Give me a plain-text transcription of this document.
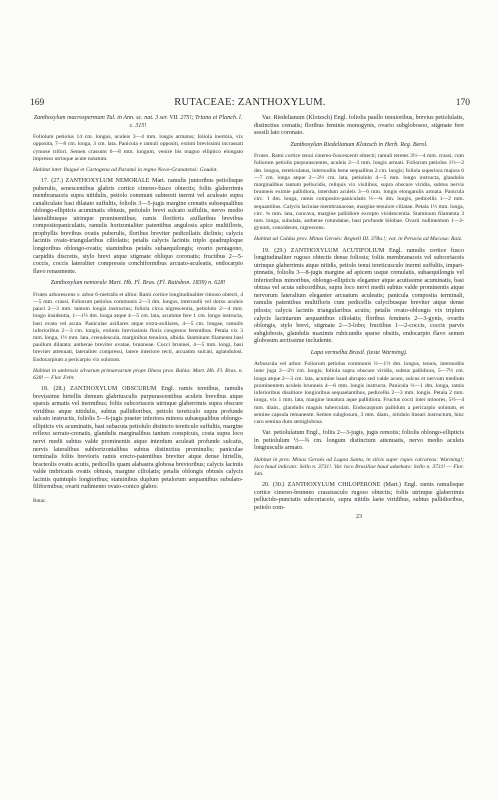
169	RUTACEAE: ZANTHOXYLUM.	170

Zanthoxylum macrospermum Tul. in Ann. sc. nat. 3 ser. VII. 275!; Triana et Planch. l. c. 315!

Foliolum petiolus 14 cm. longus, aculeis 3—4 mm. longis armatus; foliola inermia, vix opposita, 7—8 cm. longa, 3 cm. lata. Panicula e ramuli oppositi, extimi brevissimi incrassati cymose trifori. Semen crassum 6—8 mm. longum, venire bis magno elliptico elongato impresso utrinque acute notatum.

Habitat inter Ibagué et Cartagena ad Paramó in regno Novo-Granatensi: Goudot.

17. (27.) ZANTHOXYLUM NEMORALE Mart. ramulis junioribus petiolisque puberulis, senescentibus glabris cortice cinereo-fusco obtectis; foliis glaberrimis membranaceis supra nitidulis, petiolo communi subtereti inermi vel aculeato supra canaliculato basi dilatato suffultis, foliolis 3—5-jugis margine crenatis subsequalibus oblongo-ellipticis acuminatis obtusis, petiolulo brevi sulcato suffultis, nervo medio lateralibusque utrinque prominentibus; ramis floriferis axillaribus brevibus compositopaniculatis, ramulis horizontaliter patentibus angulosis apice multifloris, prophyllis brevibus ovatis puberulis, floribus breviter pedicellatis diclinis; calycis laciniis ovato-triangularibus ciliolatis; petalis calycis laciniis triplo quadruploque longioribus oblongo-ovatis; staminibus petalis subaequilongis; ovario pentagono, carpidiis discretis, stylo brevi atque stigmate obliquo coronatis; fructibus 2—5-coccis, coccis lateraliter compressis conchiformibus arcuato-aculeatis, endocarpio flavo renasmente.

Zanthoxylum nemorale Mart. Hb. Fl. Bras. (Fl. Ratisbon. 1839) n. 628!

Frutex arborescens v. arbor 6-metralis et altior. Rami cortice longitudinaliter rimoso obtecti, 4—5 mm. crassi. Foliorum petiolus communis 2—3 dm. longus, internodii vel dorso aculeis pauci 2—3 mm. tantum longis instructus; foliola circa nigrescentia, petiolulo 2—4 mm. longo insidentia, 1—1½ dm. longa atque 4—5 cm. lata, acumine fere 1 cm. longo instructa, basi ovata vel acuta. Paniculae axillares atque extra-axillares, 4—5 cm. longae, ramulis inferioribus 2—3 cm. longis, extimis brevissimis floris congestos ferentibus. Petala vix 3 mm. longa, 1½ mm. lata, crenulescula, marginibus tenuiora, albida. Staminum filamenta basi paullum dilatata; antherae breviter ovatae, brunneae. Cocci brunnei, 4—5 mm. longi, basi breviter attenuati, lateraliter compressi, latere interiore recti, arcuatim sulcati, aglandulosi. Endocarpium a pericarpio vix solutum.

Habitat in umbrosis silvarum primaevarum prope Ilheos prov. Bahia: Mart. Hb. Fl. Bras. n. 628! — Flor. Febr.

18. (28.) ZANTHOXYLUM OBSCURUM Engl. ramis teretibus, ramulis brevissime hirtellis demum glabriusculis purpurascentibus aculeis brevibus atque sparsis armatis vel inermibus; foliis subcoriaceis utrinque glaberrimis supra obscure viridibus atque nitidulis, subtus pallidioribus, petiolo tereticulo supra profunde sulcato instructis, foliolis 5—6-jugis praeter inferiora minora subaequalibus oblongo-ellipticis vix acuminatis, basi subacuta petiolulo distincto tereticulo suffultis, margine reflexo serrato-crenatis, glandulis marginalibus tantum conspicuis, costa supra loco nervi medii subtus valde prominentis atque interdum aculeati profunde sulcatis, nervis lateralibus subhorizontalibus subtus distinctius prominulis; paniculae terminalis foliis brevioris ramis erecto-patentibus breviter atque dense hirtellis, bracteolis ovatis acutis, pedicellis quam alabastra globosa brevioribus; calycis laciniis valde imbricatis ovatis obtusis, margine ciliolatis; petalis oblongis obtusis calycis laciniis quintuplo longioribus; staminibus duplum petalorum aequantibus subulato-filiformibus; ovarii rudimento ovato-conico glabro.

Rutac.

Var. Riedelianum (Klotzsch) Engl. foliolis paullo tenuioribus, brevius petiolulatis, distinctius crenatis; floribus feminis monogynis, ovario subglobosoo, stigmate fere sessili lato coronato.

Zanthoxylum Riedelianum Klotzsch in Herb. Reg. Berol.

Frutex. Rami cortice tenui cinereo-fuscescenti obtecti; ramuli teretes 3½—4 mm. crassi, cum foliorum petiolis purpurascentes, aculeis 2—3 mm. longis armati. Foliorum petiolus 1½—2 dm. longus, tereticulatus, internodiis bene sequalibus 2 cm. longis; foliola superiora majora 6—7 cm. longa atque 2—2½ cm. lata, petiolulo 4—5 mm. longo instructa, glandulis marginalibus tantum pellucidis, reliquis vix visilibus, supra obscure viridia, subtus nervis brunneis eximie pallidiora, interdum aculeis 3—6 mm. longis elongatulis armata. Panicula circ. 1 dm. longa, ramis composito-paniculatis ½—¾ dm. longis, pedicellis 1—2 mm. sequantibus. Calycis laciniae membranaceae, margine tenuiore ciliatae. Petala 1½ mm. longa, circ. ¾ mm. lata, concava, margine pallidiore excepto viridescentia. Staminum filamenta 3 mm. longa, subulata, antherae rotundatae, basi profunde bilobae. Ovarii rudimentum 1—2-gynum, conoideum, nigrescens.

Habitat ad Caldas prov. Minas Geraës: Regnell III. 378a.!; var. in Peruvia ad Macosa: Raiz.

19. (29.) ZANTHOXYLUM ACUTIFOLIUM Engl. ramulis cortice fusco longitudinaliter rugoso obtectis dense foliosis; foliis membranaceis vel subcoriaceis utrinque glaberrimis atque nitidis, petiolo tenui tereticusculo inermi suffultis, impari-pinnatis, foliolis 3—8-jugis margine ad apicem usque crenulatis, subaequilongis vel inferioribus minoribus, oblongo-ellipticis eleganter atque acutissime acuminatis, basi obtusa vel acuta subcordibus, supra loco nervi medii subtus valde prominentis atque nervorum lateralium eleganter arcuatum aculeatis; panicula composita terminali, ramulis patentibus multifloris cum pedicellis calycibusque breviter atque dense pilosis; calycis laciniis triangularibus acutis; petalis ovato-oblongis vix triplum calycis laciniarum aequantibus ciliolatis; floribus femineis 2—3-gynis, ovariis oblongis, stylo brevi, stigmate 2—3-lobo; fructibus 1—2-coccis, coccis parvis subglobosis, glandulis maximis rubicundis sparse obsitis, endocarpio flavo semen globosum arctissime includente.

Lapa vermelha Brasil. (teste Warming).

Arbuscula vel arbor. Foliorum petiolus communis ½—1½ dm. longus, tenuis, internodiis inter juga 2—2½ cm. longis; foliola supra obscure viridia, subtus pallidiora, 5—7½ cm. longa atque 2—3 cm. lata, acumine haud abrupto sed valde acuto, sulcus et nervum medium prominentem aculeis brunneis 4—6 mm. longis instructa. Panicula ½—1 dm. longa, ramis inferioribus dissitiore longioribus sequaelantibus, pedicellis 2—3 mm. longis. Petala 2 mm. longa, vix 1 mm. lata, margine innatura aque pallidiora. Fructus cocci inter minores, 5½—4 mm. diam., glandulis magnis tuberculati. Endocarpium pallidum a pericarpio solutum, et semine capsula remanente. Semen subglosum, 3 mm. diam., nitidulo lineari instructum, hinc caro semina dum semiglobosa.

Var. petiolulatum Engl., foliis 2—3-jugis, jugis remotis; foliolis oblongo-ellipticis in petiolulum ½—¾ cm. longum distinctum attenuatis, nervo medio aculeis longiusculis armato.

Habitat in prov. Minas Geraës ad Lagoa Santa, in silvis super rupes calcareas: Warming!; loco haud indicato: Sello n. 3731!. Var. loco Brasiliae haud adaekato: Sello n. 3731! — Flor. Jan.

20. (30.) ZANTHOXYLUM CHILOPERONE (Mart.) Engl. ramis ramulisque cortice cinereo-brunneo crassiusculo rugoso obtectis; foliis utrinque glaberrimis pellucido-punctatis subcoriaceis, supra nitidis laete viridibus, subtus pallidioribus, petiolo com-

23
